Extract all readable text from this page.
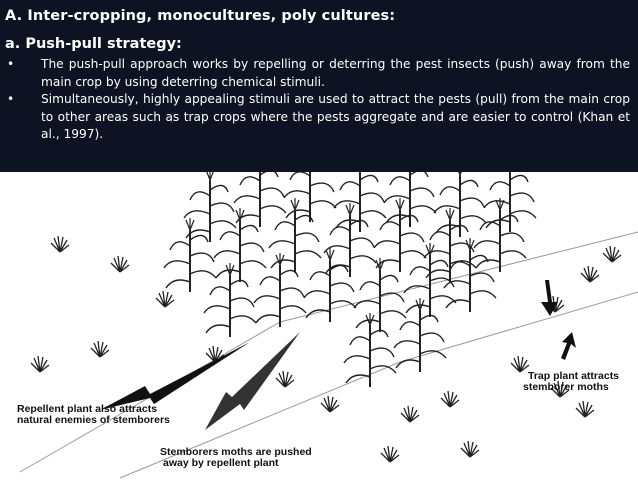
A. Inter-cropping, monocultures, poly cultures:
a. Push-pull strategy:
•	The push-pull approach works by repelling or deterring the pest insects (push) away from the main crop by using deterring chemical stimuli.
•	Simultaneously, highly appealing stimuli are used to attract the pests (pull) from the main crop to other areas such as trap crops where the pests aggregate and are easier to control (Khan et al., 1997).
Repellent plant also attracts
natural enemies of stemborers
Trap plant attracts
stemborer moths
Stemborers moths are pushed
away by repellent plant
